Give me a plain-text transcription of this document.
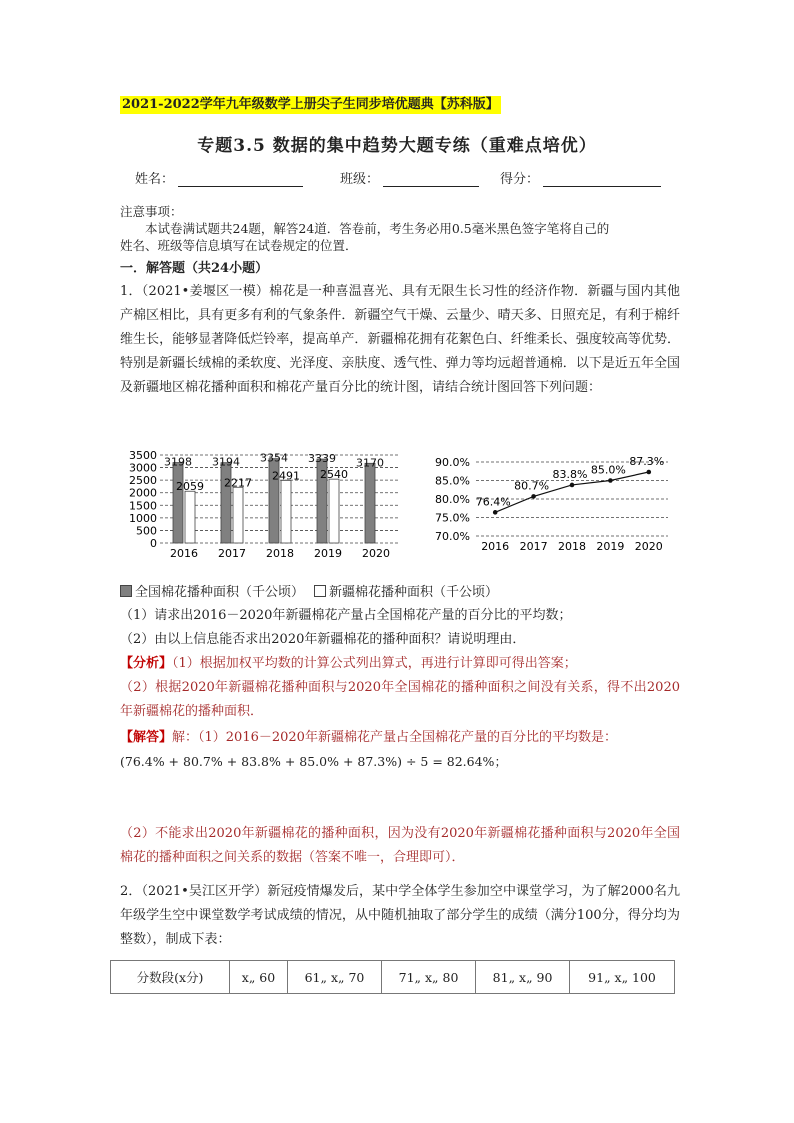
2021-2022学年九年级数学上册尖子生同步培优题典【苏科版】
专题3.5 数据的集中趋势大题专练（重难点培优）
姓名：	班级：	得分：

注意事项：

本试卷满试题共24题，解答24道．答卷前，考生务必用0.5毫米黑色签字笔将自己的

姓名、班级等信息填写在试卷规定的位置．

一．解答题（共24小题）
1．（2021•姜堰区一模）棉花是一种喜温喜光、具有无限生长习性的经济作物．新疆与国内其他产棉区相比，具有更多有利的气象条件．新疆空气干燥、云量少、晴天多、日照充足，有利于棉纤维生长，能够显著降低烂铃率，提高单产．新疆棉花拥有花絮色白、纤维柔长、强度较高等优势．特别是新疆长绒棉的柔软度、光泽度、亲肤度、透气性、弹力等均远超普通棉．以下是近五年全国及新疆地区棉花播种面积和棉花产量百分比的统计图，请结合统计图回答下列问题：
0
500
1000
1500
2000
2500
3000
3500
3198
2059
3194
2217
3354
2491
3339
2540
3170
2016 2017 2018 2019 2020
70.0%
75.0%
80.0%
85.0%
90.0%
76.4%
80.7%
83.8% 85.0%
87.3%
2016 2017 2018 2019 2020
全国棉花播种面积（千公顷） 新疆棉花播种面积（千公顷）

（1）请求出2016－2020年新疆棉花产量占全国棉花产量的百分比的平均数；

（2）由以上信息能否求出2020年新疆棉花的播种面积？请说明理由．

【分析】（1）根据加权平均数的计算公式列出算式，再进行计算即可得出答案；

（2）根据2020年新疆棉花播种面积与2020年全国棉花的播种面积之间没有关系，得不出2020年新疆棉花的播种面积．

【解答】解：（1）2016－2020年新疆棉花产量占全国棉花产量的百分比的平均数是：

(76.4% + 80.7% + 83.8% + 85.0% + 87.3%) ÷ 5 = 82.64%；

（2）不能求出2020年新疆棉花的播种面积，因为没有2020年新疆棉花播种面积与2020年全国棉花的播种面积之间关系的数据（答案不唯一，合理即可）．
2．（2021•吴江区开学）新冠疫情爆发后，某中学全体学生参加空中课堂学习，为了解2000名九年级学生空中课堂数学考试成绩的情况，从中随机抽取了部分学生的成绩（满分100分，得分均为整数），制成下表：
分数段(x分)	x„ 60	61„ x„ 70	71„ x„ 80	81„ x„ 90	91„ x„ 100
